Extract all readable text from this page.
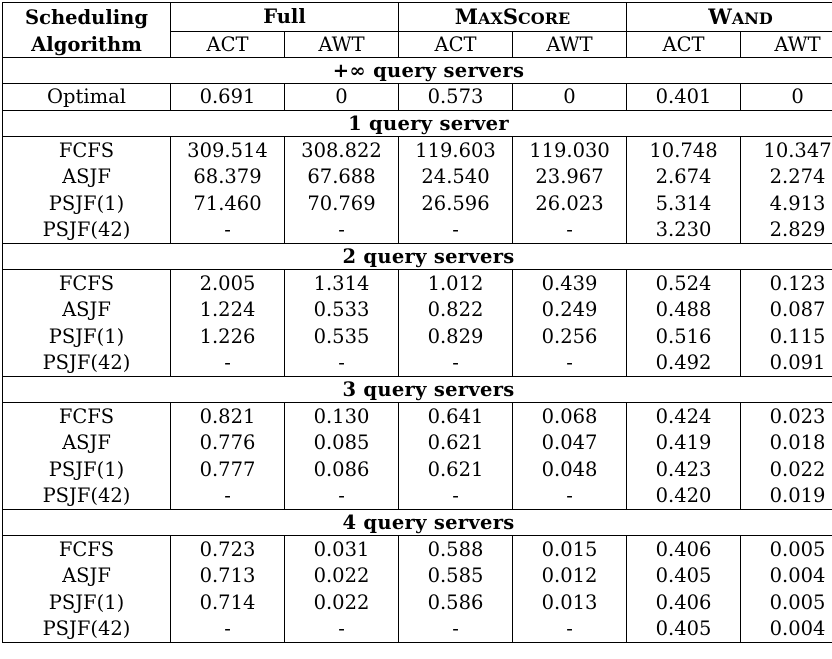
Scheduling	Full		MAXSCORE		WAND	
Algorithm	ACT	AWT	ACT	AWT	ACT	AWT
+∞ query servers						
Optimal	0.691	0	0.573	0	0.401	0
1 query server						
FCFS	309.514	308.822	119.603	119.030	10.748	10.347
ASJF	68.379	67.688	24.540	23.967	2.674	2.274
PSJF(1)	71.460	70.769	26.596	26.023	5.314	4.913
PSJF(42)	-	-	-	-	3.230	2.829
2 query servers						
FCFS	2.005	1.314	1.012	0.439	0.524	0.123
ASJF	1.224	0.533	0.822	0.249	0.488	0.087
PSJF(1)	1.226	0.535	0.829	0.256	0.516	0.115
PSJF(42)	-	-	-	-	0.492	0.091
3 query servers						
FCFS	0.821	0.130	0.641	0.068	0.424	0.023
ASJF	0.776	0.085	0.621	0.047	0.419	0.018
PSJF(1)	0.777	0.086	0.621	0.048	0.423	0.022
PSJF(42)	-	-	-	-	0.420	0.019
4 query servers						
FCFS	0.723	0.031	0.588	0.015	0.406	0.005
ASJF	0.713	0.022	0.585	0.012	0.405	0.004
PSJF(1)	0.714	0.022	0.586	0.013	0.406	0.005
PSJF(42)	-	-	-	-	0.405	0.004
